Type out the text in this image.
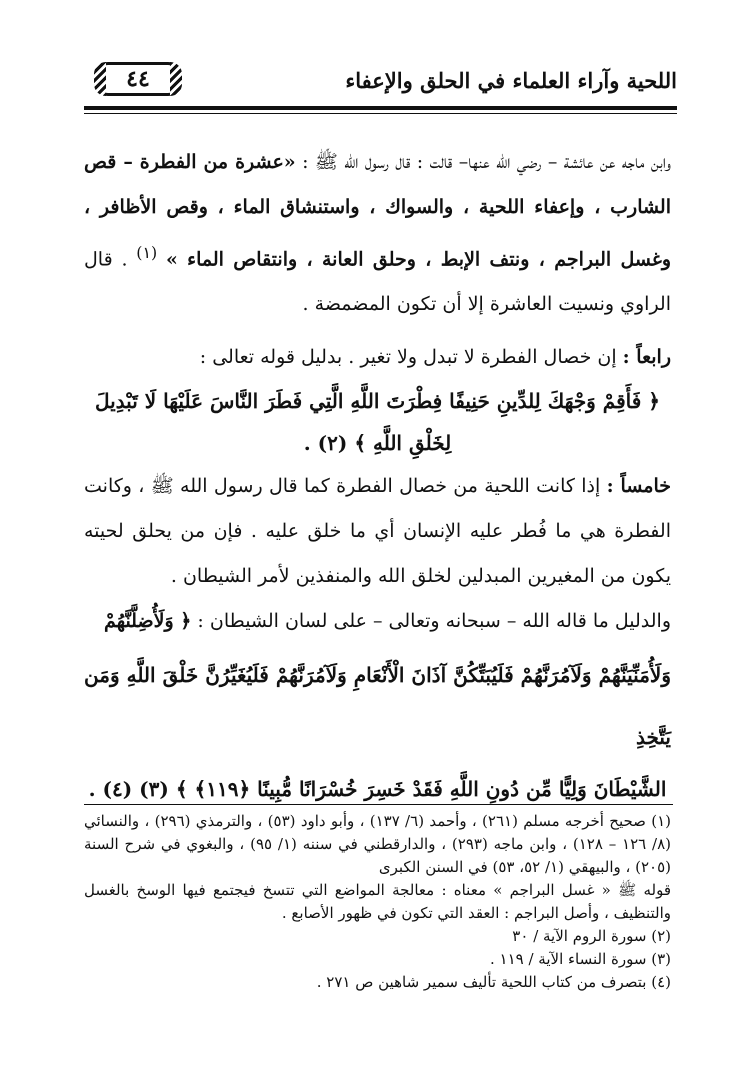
٤٤	اللحية وآراء العلماء في الحلق والإعفاء

وابن ماجه عن عائشة – رضي الله عنها– قالت : قال رسول الله ﷺ : «عشرة من الفطرة – قص الشارب ، وإعفاء اللحية ، والسواك ، واستنشاق الماء ، وقص الأظافر ، وغسل البراجم ، ونتف الإبط ، وحلق العانة ، وانتقاص الماء » $^{(١)}$ . قال الراوي ونسيت العاشرة إلا أن تكون المضمضة .

رابعاً : إن خصال الفطرة لا تبدل ولا تغير . بدليل قوله تعالى :

﴿ فَأَقِمْ وَجْهَكَ لِلدِّينِ حَنِيفًا فِطْرَتَ اللَّهِ الَّتِي فَطَرَ النَّاسَ عَلَيْهَا لَا تَبْدِيلَ لِخَلْقِ اللَّهِ ﴾ (٢) .

خامساً : إذا كانت اللحية من خصال الفطرة كما قال رسول الله ﷺ ، وكانت الفطرة هي ما فُطر عليه الإنسان أي ما خلق عليه . فإن من يحلق لحيته يكون من المغيرين المبدلين لخلق الله والمنفذين لأمر الشيطان .

والدليل ما قاله الله – سبحانه وتعالى – على لسان الشيطان : ﴿ وَلَأُضِلَّنَّهُمْ

وَلَأُمَنِّيَنَّهُمْ وَلَآمُرَنَّهُمْ فَلَيُبَتِّكُنَّ آذَانَ الْأَنْعَامِ وَلَآمُرَنَّهُمْ فَلَيُغَيِّرُنَّ خَلْقَ اللَّهِ وَمَن يَتَّخِذِ

الشَّيْطَانَ وَلِيًّا مِّن دُونِ اللَّهِ فَقَدْ خَسِرَ خُسْرَانًا مُّبِينًا ﴿١١٩﴾ ﴾ (٣) (٤) .

(١) صحيح أخرجه مسلم (٢٦١) ، وأحمد (٦/ ١٣٧) ، وأبو داود (٥٣) ، والترمذي (٢٩٦) ، والنسائي (٨/ ١٢٦ – ١٢٨) ، وابن ماجه (٢٩٣) ، والدارقطني في سننه (١/ ٩٥) ، والبغوي في شرح السنة (٢٠٥) ، والبيهقي (١/ ٥٢، ٥٣) في السنن الكبرى

قوله ﷺ « غسل البراجم » معناه : معالجة المواضع التي تتسخ فيجتمع فيها الوسخ بالغسل والتنظيف ، وأصل البراجم : العقد التي تكون في ظهور الأصابع .

(٢) سورة الروم الآية / ٣٠

(٣) سورة النساء الآية / ١١٩ .

(٤) بتصرف من كتاب اللحية تأليف سمير شاهين ص ٢٧١ .
